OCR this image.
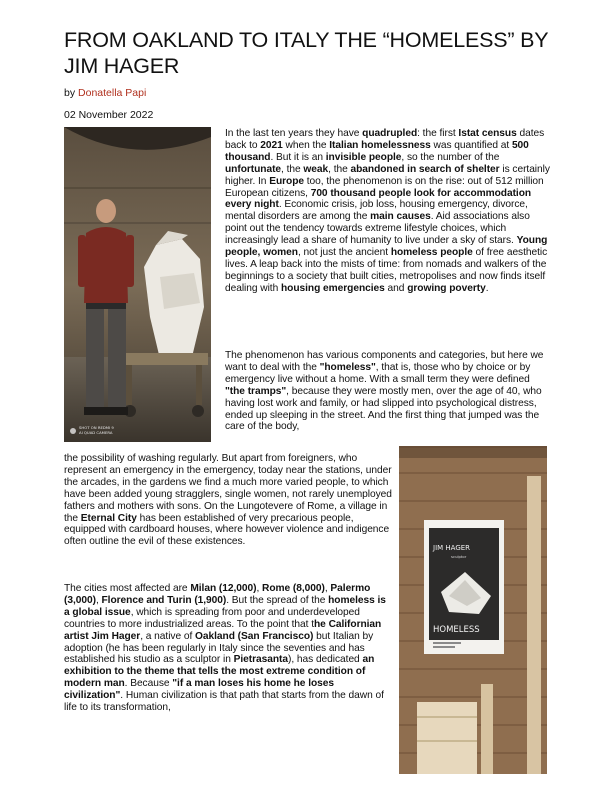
FROM OAKLAND TO ITALY THE “HOMELESS” BY JIM HAGER
by Donatella Papi
02 November 2022
SHOT ON REDMI 9
AI QUAD CAMERA
JIM HAGER
sculptor
HOMELESS

In the last ten years they have quadrupled: the first Istat census dates back to 2021 when the Italian homelessness was quantified at 500 thousand. But it is an invisible people, so the number of the unfortunate, the weak, the abandoned in search of shelter is certainly higher. In Europe too, the phenomenon is on the rise: out of 512 million European citizens, 700 thousand people look for accommodation every night. Economic crisis, job loss, housing emergency, divorce, mental disorders are among the main causes. Aid associations also point out the tendency towards extreme lifestyle choices, which increasingly lead a share of humanity to live under a sky of stars. Young people, women, not just the ancient homeless people of free aesthetic lives. A leap back into the mists of time: from nomads and walkers of the beginnings to a society that built cities, metropolises and now finds itself dealing with housing emergencies and growing poverty.

The phenomenon has various components and categories, but here we want to deal with the "homeless", that is, those who by choice or by emergency live without a home. With a small term they were defined "the tramps", because they were mostly men, over the age of 40, who having lost work and family, or had slipped into psychological distress, ended up sleeping in the street. And the first thing that jumped was the care of the body,

the possibility of washing regularly. But apart from foreigners, who represent an emergency in the emergency, today near the stations, under the arcades, in the gardens we find a much more varied people, to which have been added young stragglers, single women, not rarely unemployed fathers and mothers with sons. On the Lungotevere of Rome, a village in the Eternal City has been established of very precarious people, equipped with cardboard houses, where however violence and indigence often outline the evil of these existences.

The cities most affected are Milan (12,000), Rome (8,000), Palermo (3,000), Florence and Turin (1,900). But the spread of the homeless is a global issue, which is spreading from poor and underdeveloped countries to more industrialized areas. To the point that the Californian artist Jim Hager, a native of Oakland (San Francisco) but Italian by adoption (he has been regularly in Italy since the seventies and has established his studio as a sculptor in Pietrasanta), has dedicated an exhibition to the theme that tells the most extreme condition of modern man. Because "if a man loses his home he loses civilization". Human civilization is that path that starts from the dawn of life to its transformation,
